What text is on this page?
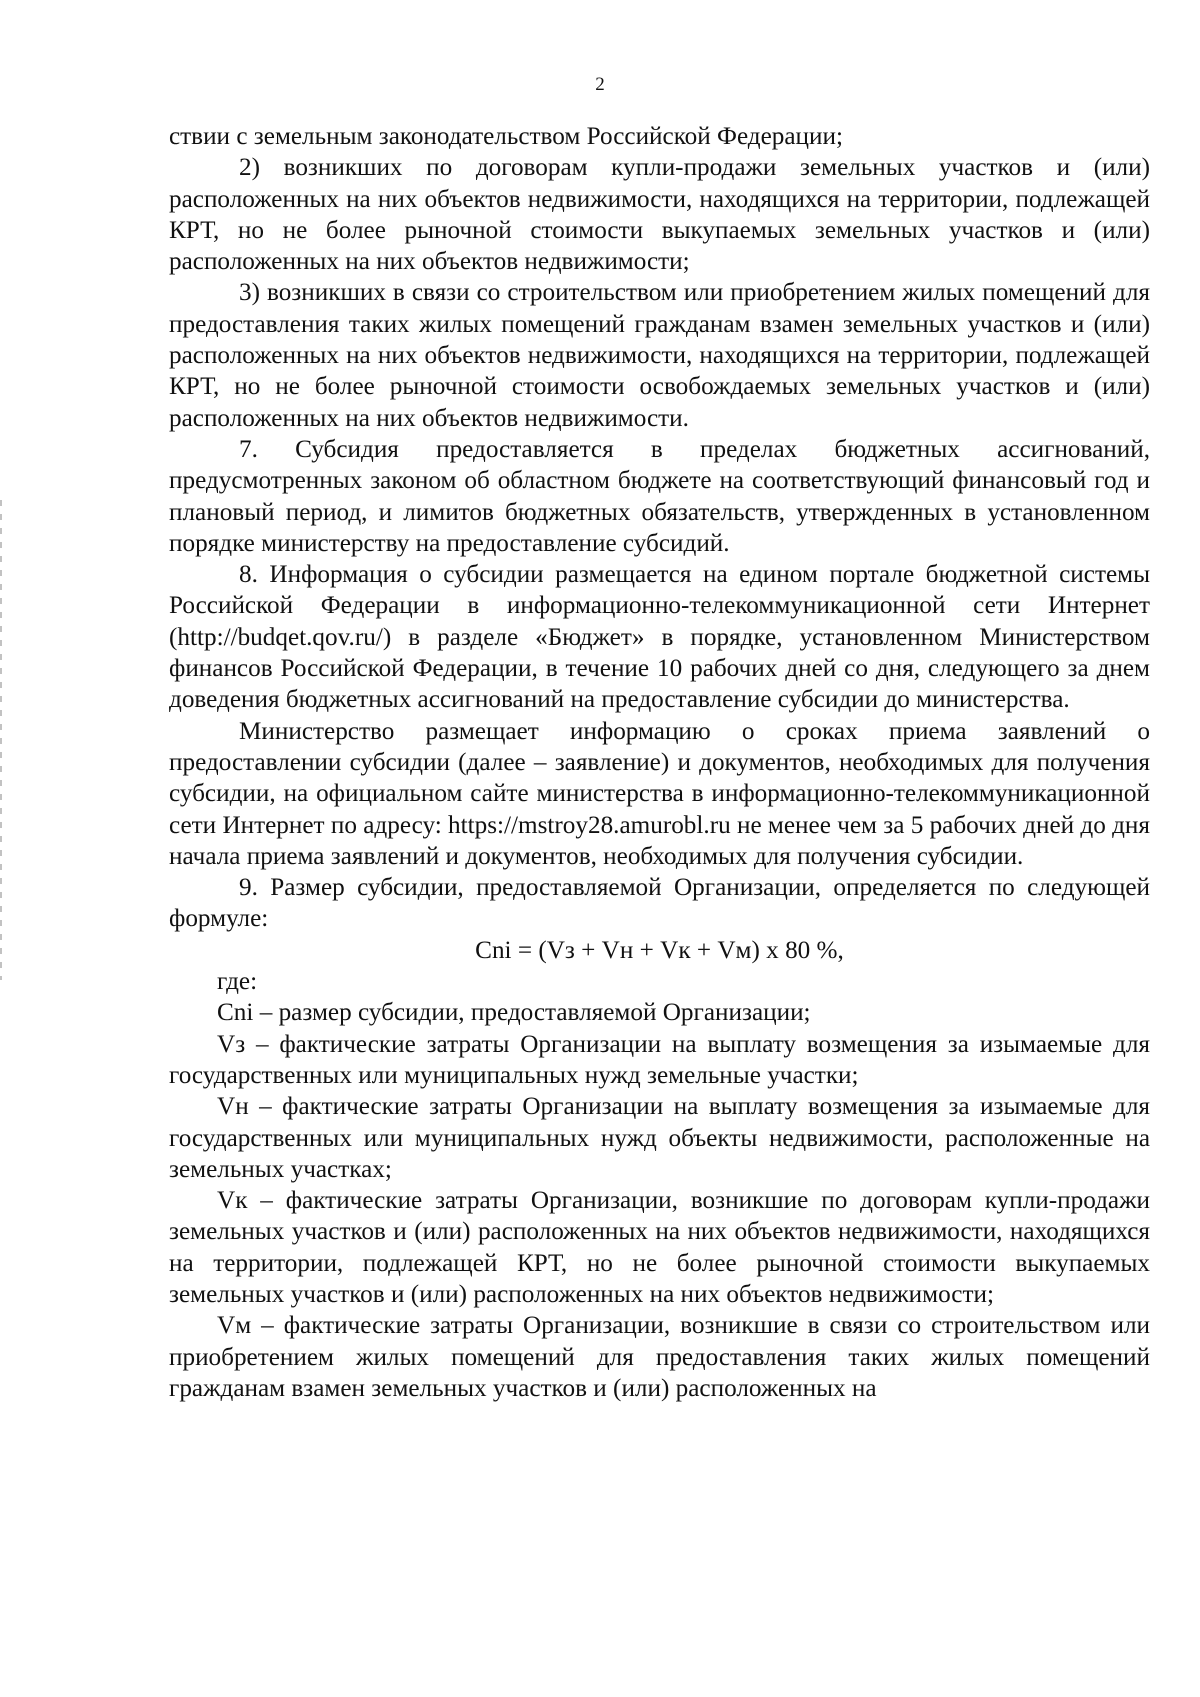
2

ствии с земельным законодательством Российской Федерации;

2) возникших по договорам купли-продажи земельных участков и (или) расположенных на них объектов недвижимости, находящихся на территории, подлежащей КРТ, но не более рыночной стоимости выкупаемых земельных участков и (или) расположенных на них объектов недвижимости;

3) возникших в связи со строительством или приобретением жилых помещений для предоставления таких жилых помещений гражданам взамен земельных участков и (или) расположенных на них объектов недвижимости, находящихся на территории, подлежащей КРТ, но не более рыночной стоимости освобождаемых земельных участков и (или) расположенных на них объектов недвижимости.

7. Субсидия предоставляется в пределах бюджетных ассигнований, предусмотренных законом об областном бюджете на соответствующий финансовый год и плановый период, и лимитов бюджетных обязательств, утвержденных в установленном порядке министерству на предоставление субсидий.

8. Информация о субсидии размещается на едином портале бюджетной системы Российской Федерации в информационно-телекоммуникационной сети Интернет (http://budqet.qov.ru/) в разделе «Бюджет» в порядке, установленном Министерством финансов Российской Федерации, в течение 10 рабочих дней со дня, следующего за днем доведения бюджетных ассигнований на предоставление субсидии до министерства.

Министерство размещает информацию о сроках приема заявлений о предоставлении субсидии (далее – заявление) и документов, необходимых для получения субсидии, на официальном сайте министерства в информационно-телекоммуникационной сети Интернет по адресу: https://mstroy28.amurobl.ru не менее чем за 5 рабочих дней до дня начала приема заявлений и документов, необходимых для получения субсидии.

9. Размер субсидии, предоставляемой Организации, определяется по следующей формуле:

Cni = (Vз + Vн + Vк + Vм) x 80 %,

где:

Cni – размер субсидии, предоставляемой Организации;

Vз – фактические затраты Организации на выплату возмещения за изымаемые для государственных или муниципальных нужд земельные участки;

Vн – фактические затраты Организации на выплату возмещения за изымаемые для государственных или муниципальных нужд объекты недвижимости, расположенные на земельных участках;

Vк – фактические затраты Организации, возникшие по договорам купли-продажи земельных участков и (или) расположенных на них объектов недвижимости, находящихся на территории, подлежащей КРТ, но не более рыночной стоимости выкупаемых земельных участков и (или) расположенных на них объектов недвижимости;

Vм – фактические затраты Организации, возникшие в связи со строительством или приобретением жилых помещений для предоставления таких жилых помещений гражданам взамен земельных участков и (или) расположенных на
